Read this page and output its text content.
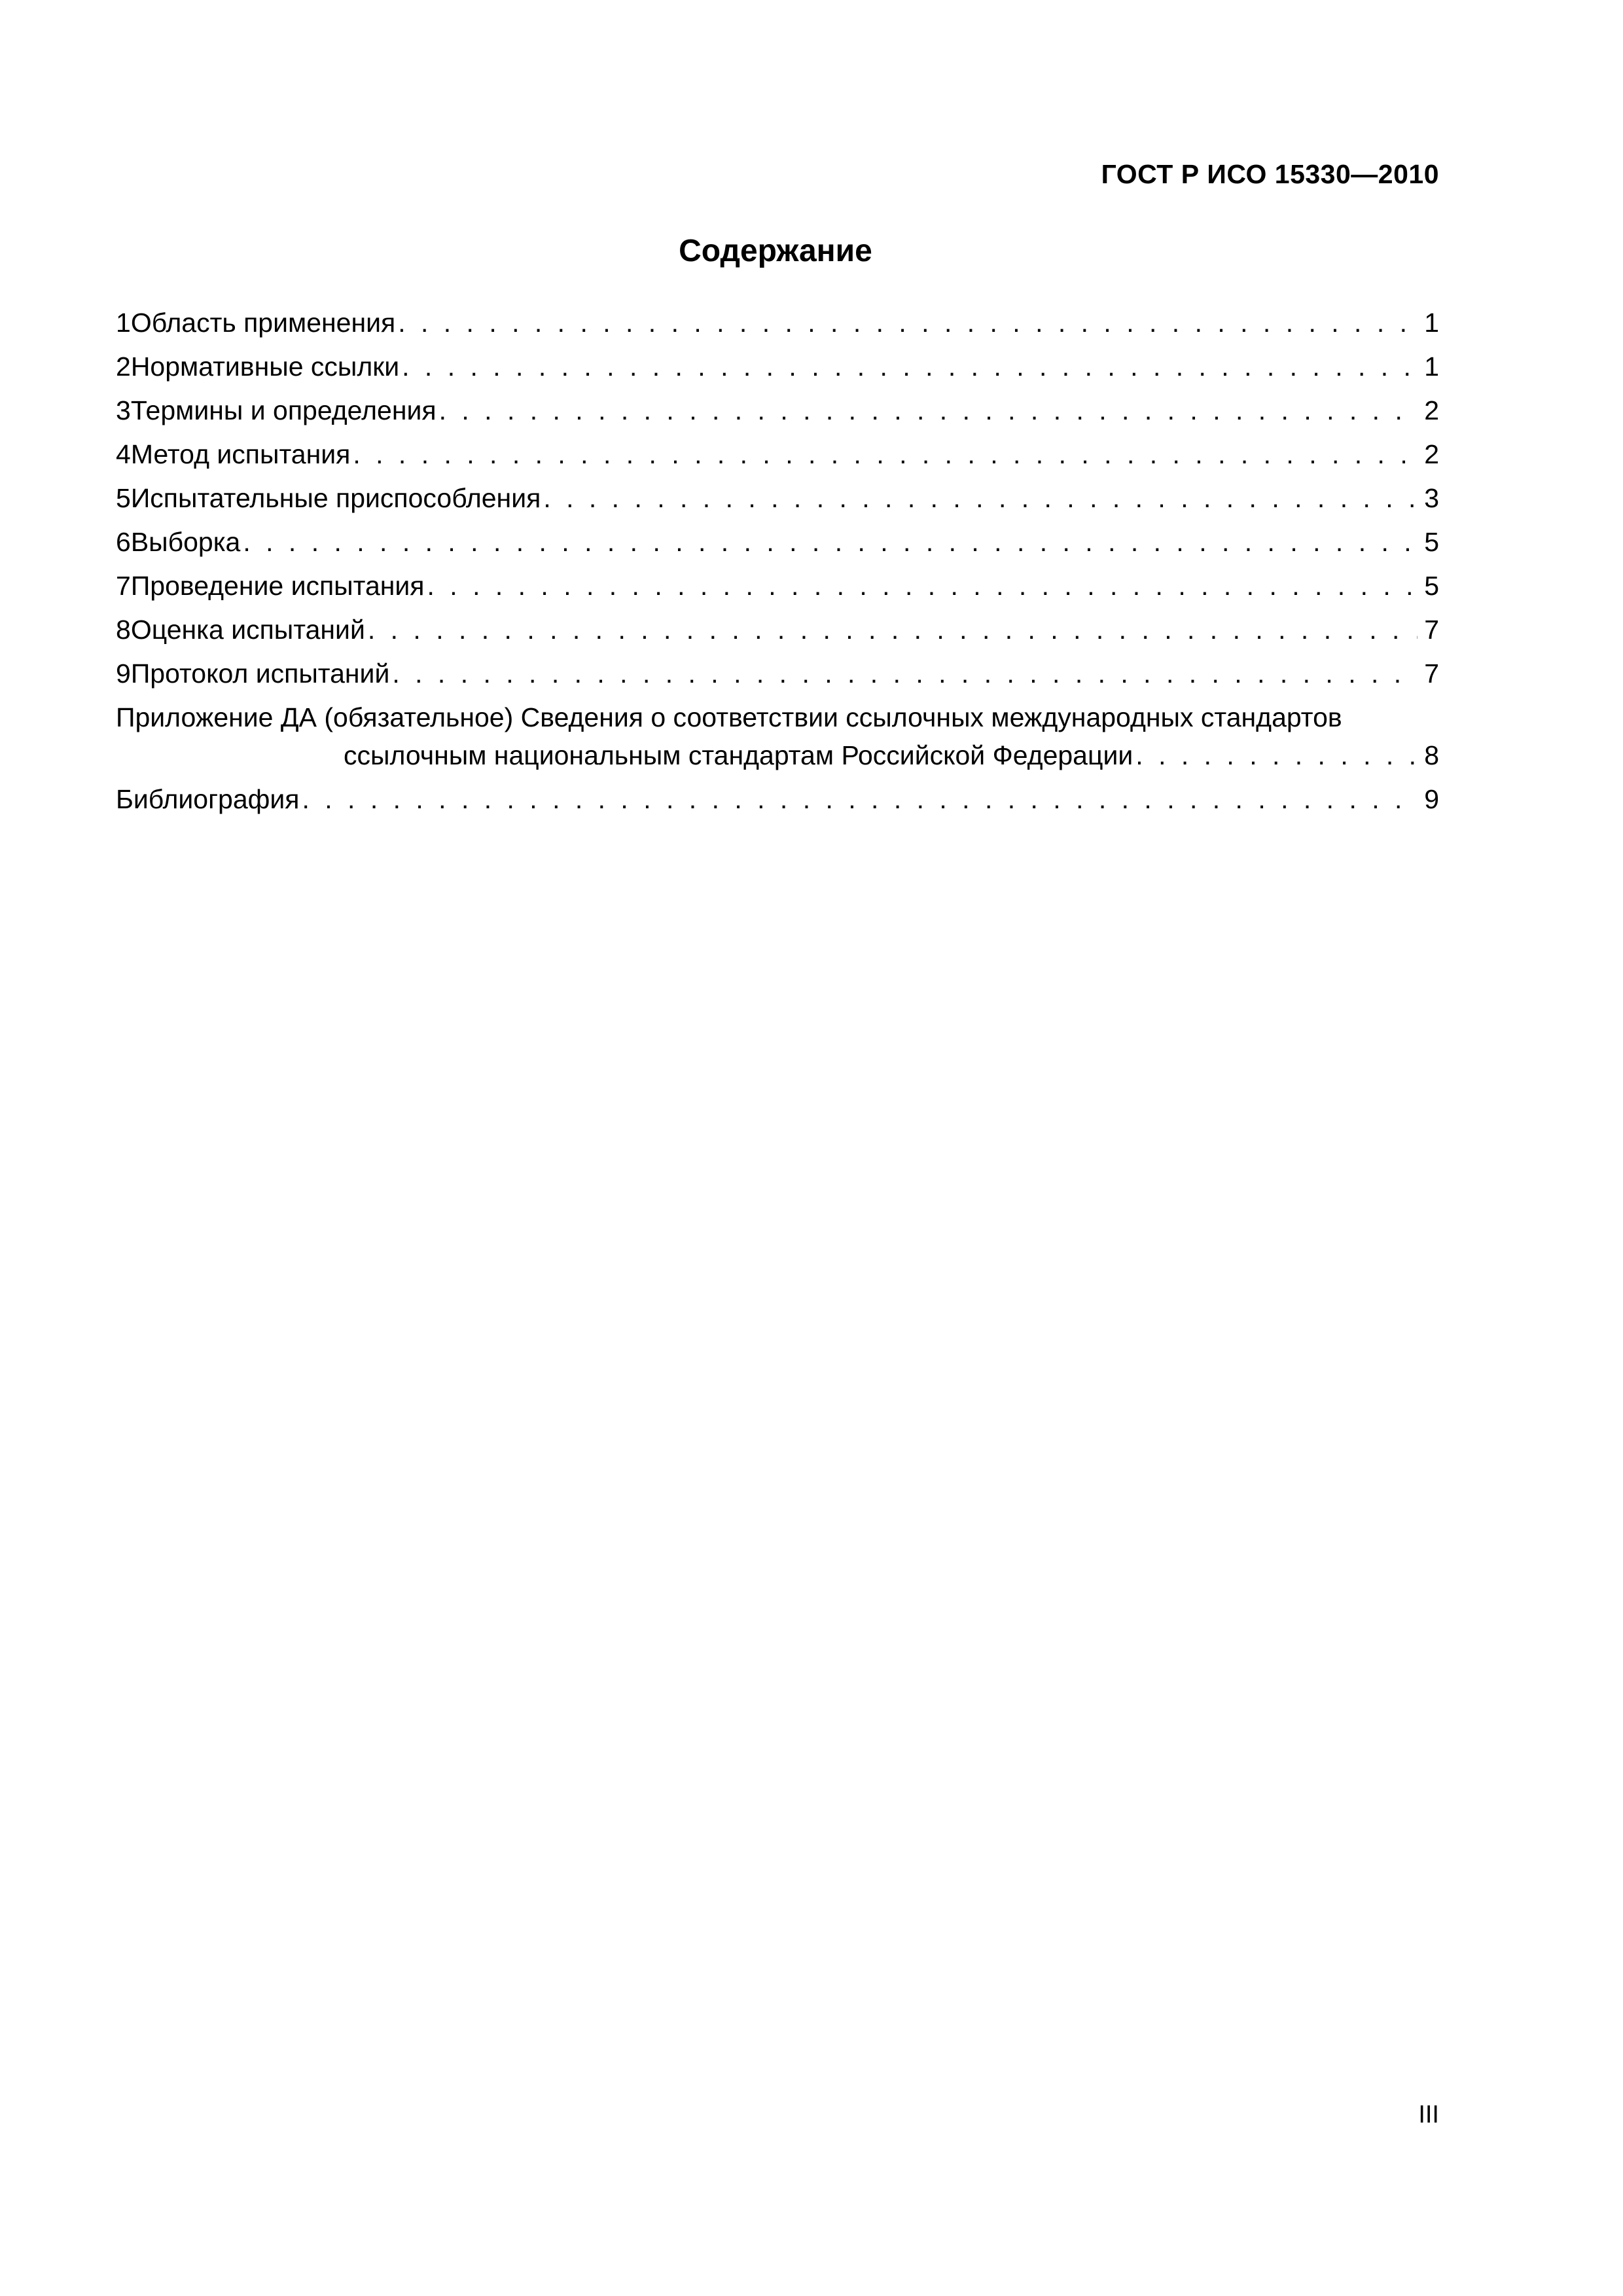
ГОСТ Р ИСО 15330—2010
Содержание
1 Область применения . . .	1
2 Нормативные ссылки . . .	1
3 Термины и определения . . .	2
4 Метод испытания . . .	2
5 Испытательные приспособления . . .	3
6 Выборка . . .	5
7 Проведение испытания . . .	5
8 Оценка испытаний . . .	7
9 Протокол испытаний . . .	7
Приложение ДА (обязательное) Сведения о соответствии ссылочных международных стандартов
ссылочным национальным стандартам Российской Федерации . . .	8
Библиография . . .	9
III
